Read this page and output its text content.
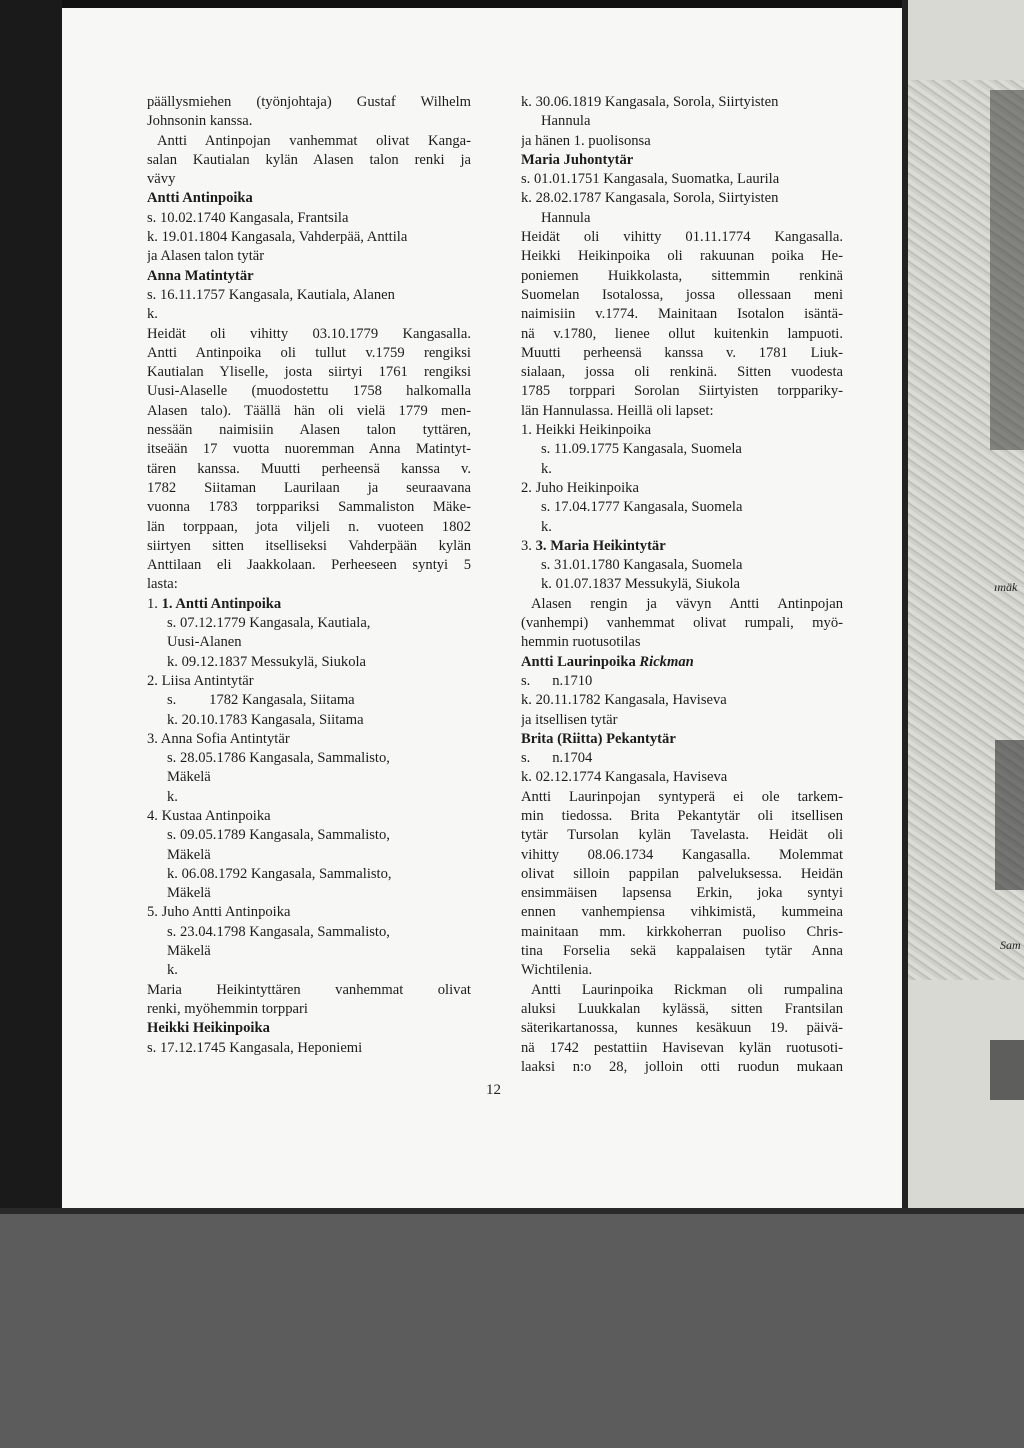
ımäk
Sam
päällysmiehen (työnjohtaja) Gustaf Wilhelm
Johnsonin kanssa.
Antti Antinpojan vanhemmat olivat Kanga-
salan Kautialan kylän Alasen talon renki ja
vävy
Antti Antinpoika
s. 10.02.1740 Kangasala, Frantsila
k. 19.01.1804 Kangasala, Vahderpää, Anttila
ja Alasen talon tytär
Anna Matintytär
s. 16.11.1757 Kangasala, Kautiala, Alanen
k.
Heidät oli vihitty 03.10.1779 Kangasalla.
Antti Antinpoika oli tullut v.1759 rengiksi
Kautialan Yliselle, josta siirtyi 1761 rengiksi
Uusi-Alaselle (muodostettu 1758 halkomalla
Alasen talo). Täällä hän oli vielä 1779 men-
nessään naimisiin Alasen talon tyttären,
itseään 17 vuotta nuoremman Anna Matintyt-
tären kanssa. Muutti perheensä kanssa v.
1782 Siitaman Laurilaan ja seuraavana
vuonna 1783 torppariksi Sammaliston Mäke-
län torppaan, jota viljeli n. vuoteen 1802
siirtyen sitten itselliseksi Vahderpään kylän
Anttilaan eli Jaakkolaan. Perheeseen syntyi 5
lasta:
1. 1. Antti Antinpoika
s. 07.12.1779 Kangasala, Kautiala,
Uusi-Alanen
k. 09.12.1837 Messukylä, Siukola
2. Liisa Antintytär
s.         1782 Kangasala, Siitama
k. 20.10.1783 Kangasala, Siitama
3. Anna Sofia Antintytär
s. 28.05.1786 Kangasala, Sammalisto,
Mäkelä
k.
4. Kustaa Antinpoika
s. 09.05.1789 Kangasala, Sammalisto,
Mäkelä
k. 06.08.1792 Kangasala, Sammalisto,
Mäkelä
5. Juho Antti Antinpoika
s. 23.04.1798 Kangasala, Sammalisto,
Mäkelä
k.
Maria Heikintyttären vanhemmat olivat
renki, myöhemmin torppari
Heikki Heikinpoika
s. 17.12.1745 Kangasala, Heponiemi
k. 30.06.1819 Kangasala, Sorola, Siirtyisten
Hannula
ja hänen 1. puolisonsa
Maria Juhontytär
s. 01.01.1751 Kangasala, Suomatka, Laurila
k. 28.02.1787 Kangasala, Sorola, Siirtyisten
Hannula
Heidät oli vihitty 01.11.1774 Kangasalla.
Heikki Heikinpoika oli rakuunan poika He-
poniemen Huikkolasta, sittemmin renkinä
Suomelan Isotalossa, jossa ollessaan meni
naimisiin v.1774. Mainitaan Isotalon isäntä-
nä v.1780, lienee ollut kuitenkin lampuoti.
Muutti perheensä kanssa v. 1781 Liuk-
sialaan, jossa oli renkinä. Sitten vuodesta
1785 torppari Sorolan Siirtyisten torppariky-
län Hannulassa. Heillä oli lapset:
1. Heikki Heikinpoika
s. 11.09.1775 Kangasala, Suomela
k.
2. Juho Heikinpoika
s. 17.04.1777 Kangasala, Suomela
k.
3. 3. Maria Heikintytär
s. 31.01.1780 Kangasala, Suomela
k. 01.07.1837 Messukylä, Siukola
Alasen rengin ja vävyn Antti Antinpojan
(vanhempi) vanhemmat olivat rumpali, myö-
hemmin ruotusotilas
Antti Laurinpoika Rickman
s.      n.1710
k. 20.11.1782 Kangasala, Haviseva
ja itsellisen tytär
Brita (Riitta) Pekantytär
s.      n.1704
k. 02.12.1774 Kangasala, Haviseva
Antti Laurinpojan syntyperä ei ole tarkem-
min tiedossa. Brita Pekantytär oli itsellisen
tytär Tursolan kylän Tavelasta. Heidät oli
vihitty 08.06.1734 Kangasalla. Molemmat
olivat silloin pappilan palveluksessa. Heidän
ensimmäisen lapsensa Erkin, joka syntyi
ennen vanhempiensa vihkimistä, kummeina
mainitaan mm. kirkkoherran puoliso Chris-
tina Forselia sekä kappalaisen tytär Anna
Wichtilenia.
Antti Laurinpoika Rickman oli rumpalina
aluksi Luukkalan kylässä, sitten Frantsilan
säterikartanossa, kunnes kesäkuun 19. päivä-
nä 1742 pestattiin Havisevan kylän ruotusoti-
laaksi n:o 28, jolloin otti ruodun mukaan
12
